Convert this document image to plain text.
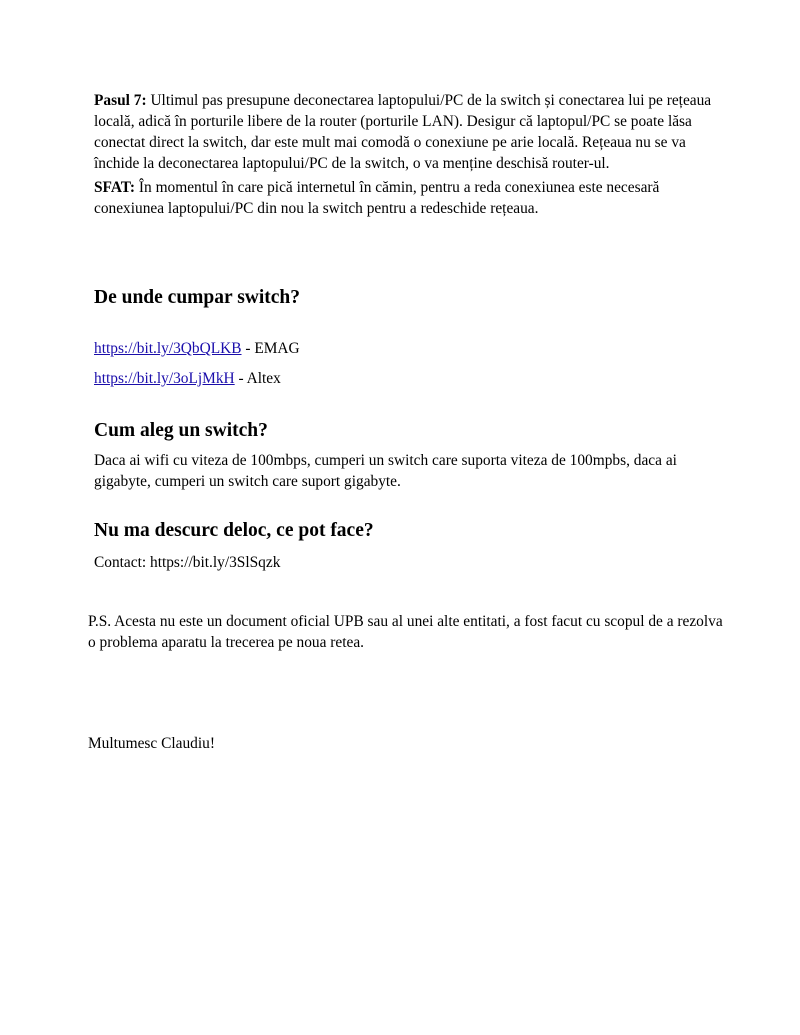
Pasul 7: Ultimul pas presupune deconectarea laptopului/PC de la switch și conectarea lui pe rețeaua locală, adică în porturile libere de la router (porturile LAN). Desigur că laptopul/PC se poate lăsa conectat direct la switch, dar este mult mai comodă o conexiune pe arie locală. Rețeaua nu se va închide la deconectarea laptopului/PC de la switch, o va menține deschisă router-ul.

SFAT: În momentul în care pică internetul în cămin, pentru a reda conexiunea este necesară conexiunea laptopului/PC din nou la switch pentru a redeschide rețeaua.

De unde cumpar switch?
https://bit.ly/3QbQLKB - EMAG
https://bit.ly/3oLjMkH - Altex
Cum aleg un switch?

Daca ai wifi cu viteza de 100mbps, cumperi un switch care suporta viteza de 100mpbs, daca ai gigabyte, cumperi un switch care suport gigabyte.

Nu ma descurc deloc, ce pot face?

Contact: https://bit.ly/3SlSqzk

P.S. Acesta nu este un document oficial UPB sau al unei alte entitati, a fost facut cu scopul de a rezolva o problema aparatu la trecerea pe noua retea.

Multumesc Claudiu!
